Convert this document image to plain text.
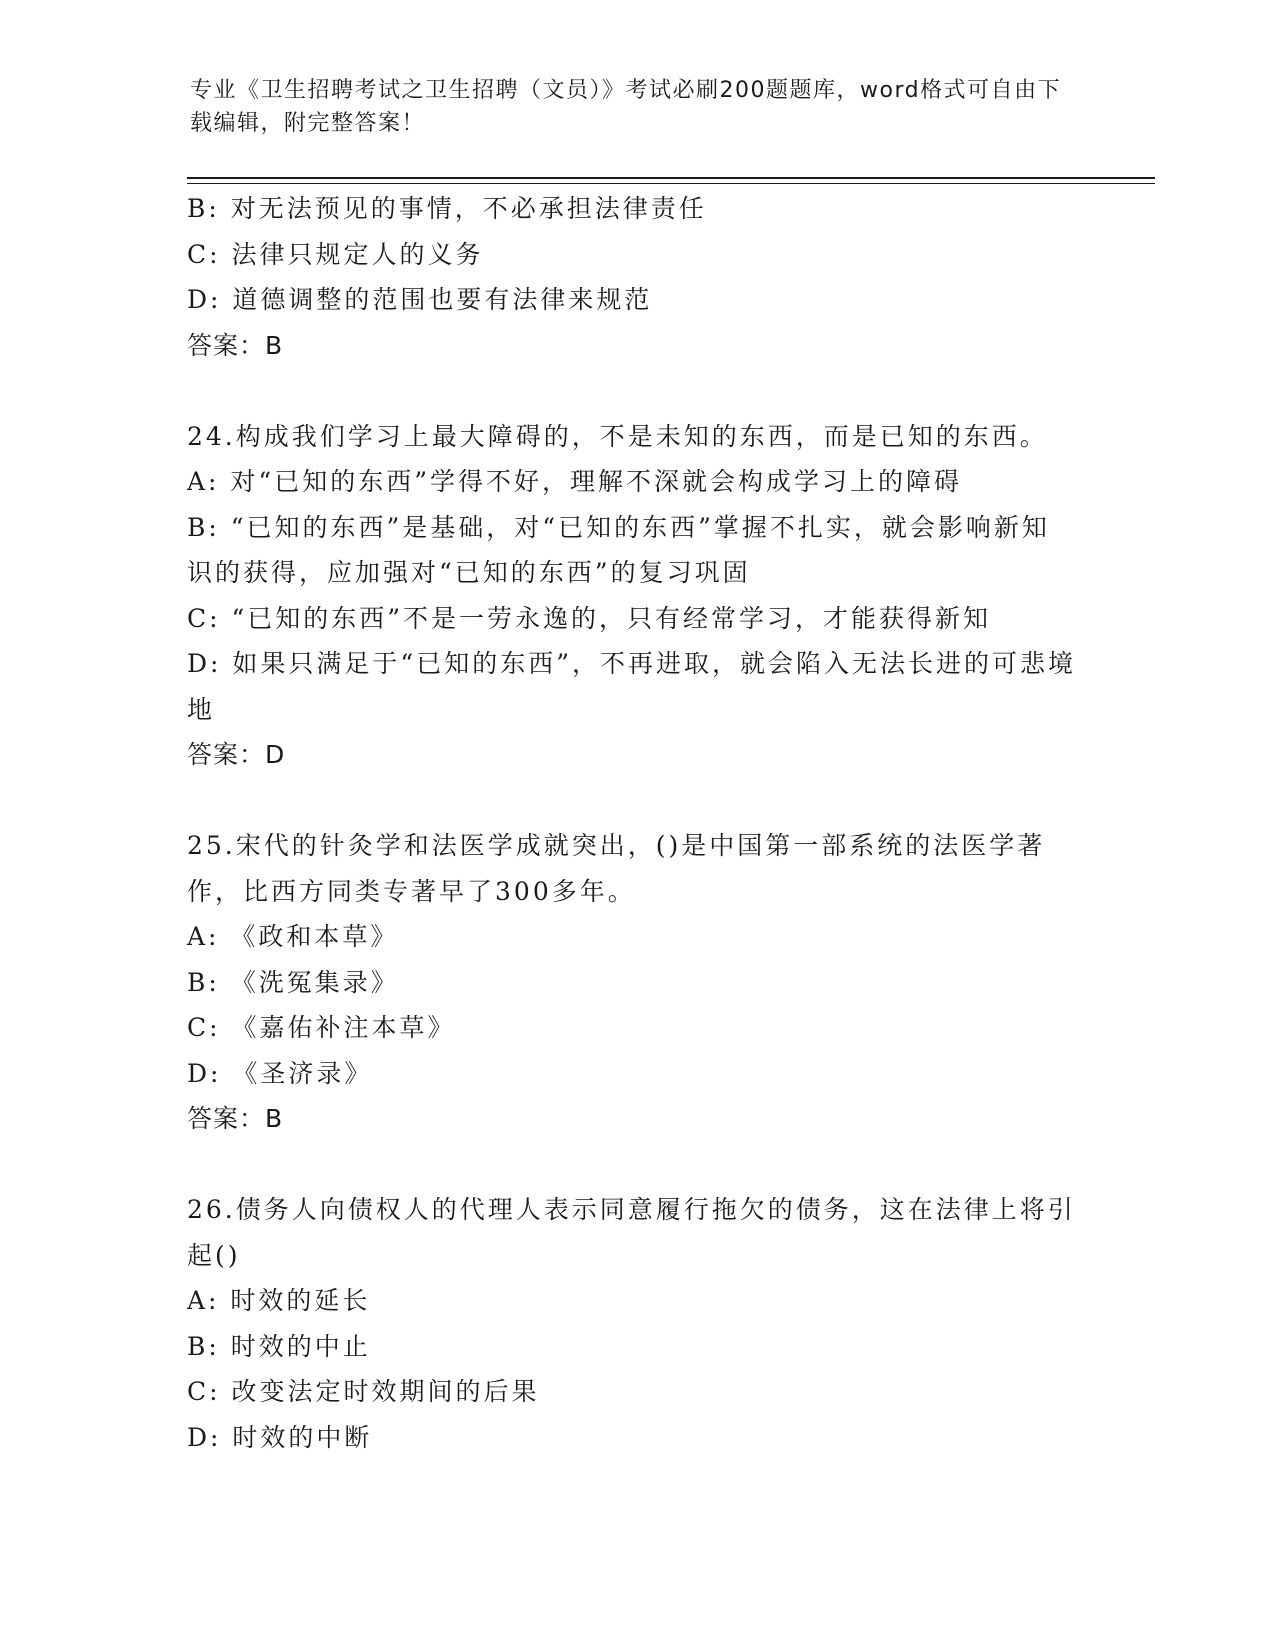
专业《卫生招聘考试之卫生招聘（文员）》考试必刷200题题库，word格式可自由下载编辑，附完整答案！

B: 对无法预见的事情，不必承担法律责任

C: 法律只规定人的义务

D: 道德调整的范围也要有法律来规范

答案：B

24.构成我们学习上最大障碍的，不是未知的东西，而是已知的东西。

A: 对“已知的东西”学得不好，理解不深就会构成学习上的障碍

B: “已知的东西”是基础，对“已知的东西”掌握不扎实，就会影响新知识的获得，应加强对“已知的东西”的复习巩固

C: “已知的东西”不是一劳永逸的，只有经常学习，才能获得新知

D: 如果只满足于“已知的东西”，不再进取，就会陷入无法长进的可悲境地

答案：D

25.宋代的针灸学和法医学成就突出，()是中国第一部系统的法医学著作，比西方同类专著早了300多年。

A: 《政和本草》

B: 《洗冤集录》

C: 《嘉佑补注本草》

D: 《圣济录》

答案：B

26.债务人向债权人的代理人表示同意履行拖欠的债务，这在法律上将引起()

A: 时效的延长

B: 时效的中止

C: 改变法定时效期间的后果

D: 时效的中断
